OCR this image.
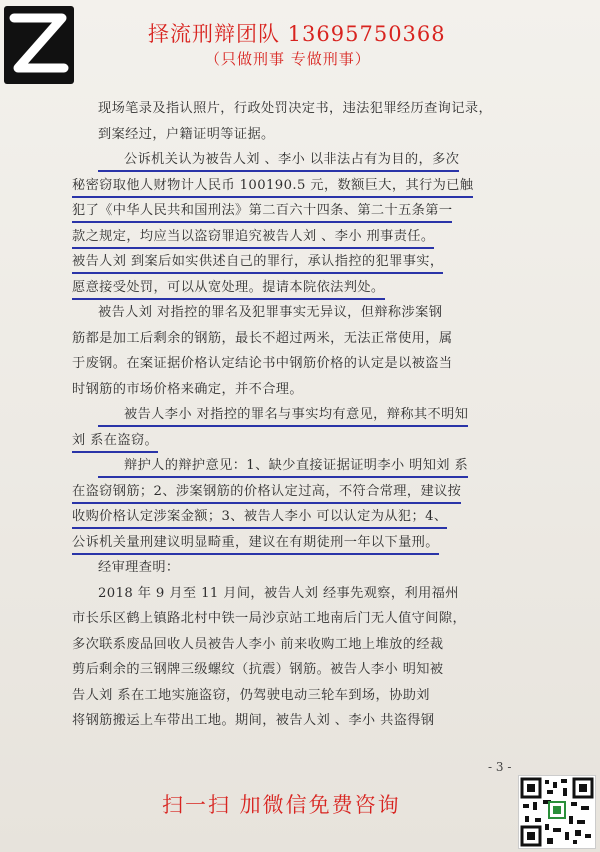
择流刑辩团队 13695750368
（只做刑事 专做刑事）
现场笔录及指认照片，行政处罚决定书，违法犯罪经历查询记录，
到案经过，户籍证明等证据。
公诉机关认为被告人刘 、李小 以非法占有为目的，多次
秘密窃取他人财物计人民币 100190.5 元，数额巨大，其行为已触
犯了《中华人民共和国刑法》第二百六十四条、第二十五条第一
款之规定，均应当以盗窃罪追究被告人刘 、李小 刑事责任。
被告人刘 到案后如实供述自己的罪行，承认指控的犯罪事实，
愿意接受处罚，可以从宽处理。提请本院依法判处。
被告人刘 对指控的罪名及犯罪事实无异议，但辩称涉案钢
筋都是加工后剩余的钢筋，最长不超过两米，无法正常使用，属
于废钢。在案证据价格认定结论书中钢筋价格的认定是以被盗当
时钢筋的市场价格来确定，并不合理。
被告人李小 对指控的罪名与事实均有意见，辩称其不明知
刘 系在盗窃。
辩护人的辩护意见：1、缺少直接证据证明李小 明知刘 系
在盗窃钢筋；2、涉案钢筋的价格认定过高，不符合常理，建议按
收购价格认定涉案金额；3、被告人李小 可以认定为从犯；4、
公诉机关量刑建议明显畸重，建议在有期徒刑一年以下量刑。
经审理查明：
2018 年 9 月至 11 月间，被告人刘 经事先观察，利用福州
市长乐区鹤上镇路北村中铁一局沙京站工地南后门无人值守间隙，
多次联系废品回收人员被告人李小 前来收购工地上堆放的经裁
剪后剩余的三钢牌三级螺纹（抗震）钢筋。被告人李小 明知被
告人刘 系在工地实施盗窃，仍驾驶电动三轮车到场，协助刘
将钢筋搬运上车带出工地。期间，被告人刘 、李小 共盗得钢
- 3 -
扫一扫 加微信免费咨询
